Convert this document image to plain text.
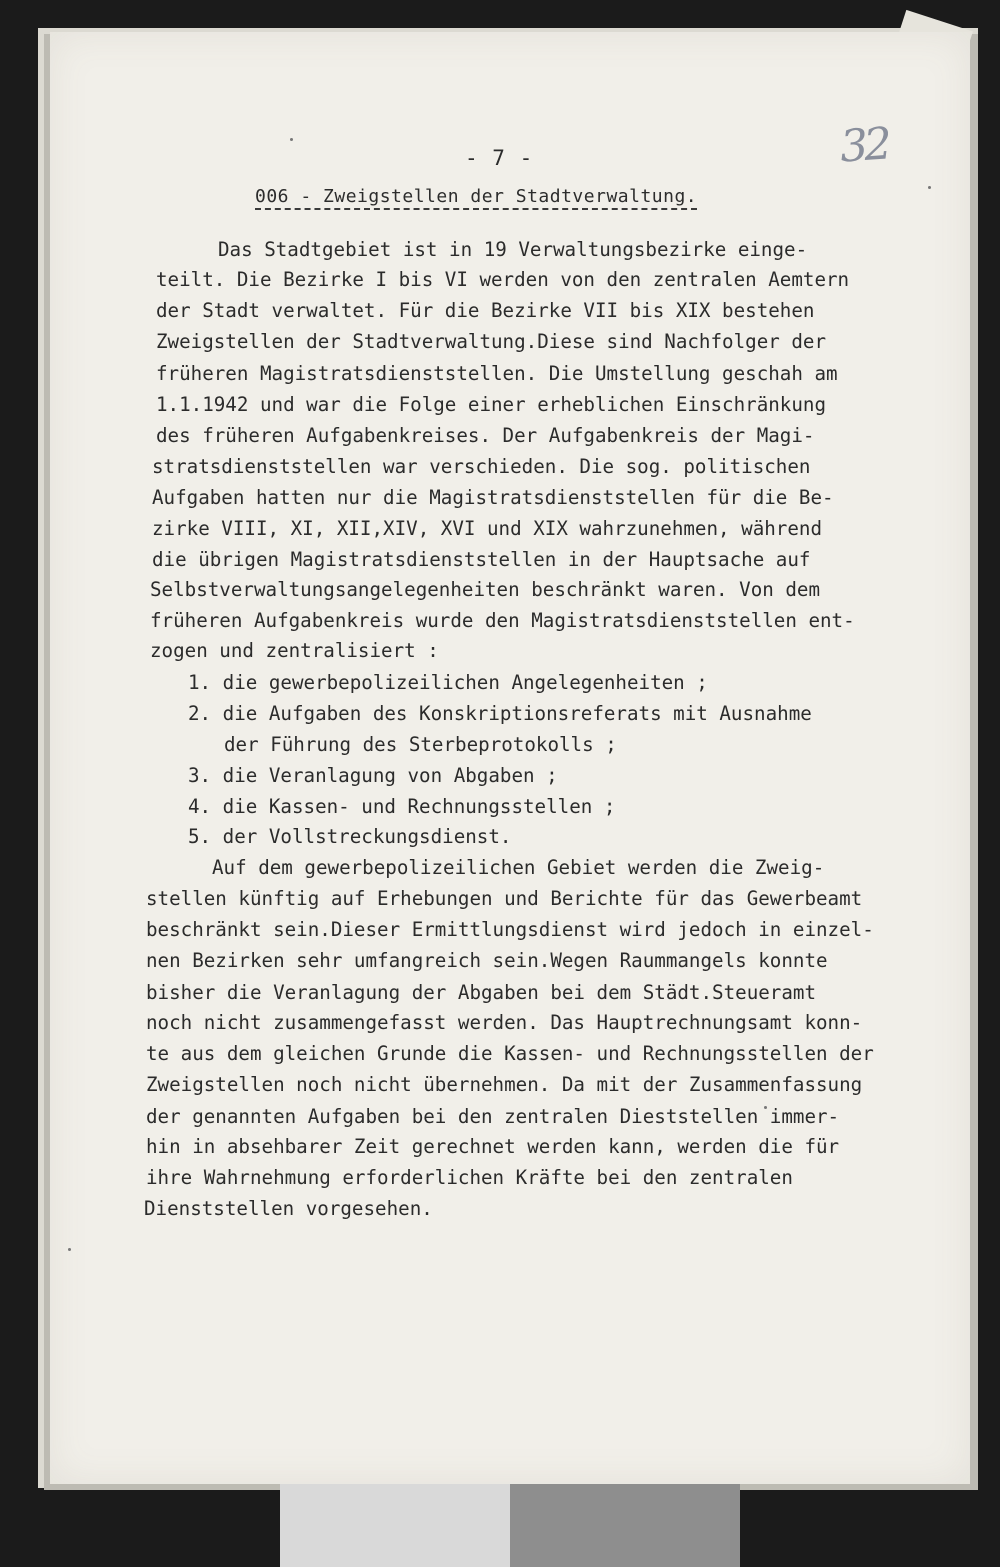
32
- 7 -
006 - Zweigstellen der Stadtverwaltung.
Das Stadtgebiet ist in 19 Verwaltungsbezirke einge-
teilt. Die Bezirke I bis VI werden von den zentralen Aemtern
der Stadt verwaltet. Für die Bezirke VII bis XIX bestehen
Zweigstellen der Stadtverwaltung.Diese sind Nachfolger der
früheren Magistratsdienststellen. Die Umstellung geschah am
1.1.1942 und war die Folge einer erheblichen Einschränkung
des früheren Aufgabenkreises. Der Aufgabenkreis der Magi-
stratsdienststellen war verschieden. Die sog. politischen
Aufgaben hatten nur die Magistratsdienststellen für die Be-
zirke VIII, XI, XII,XIV, XVI und XIX wahrzunehmen, während
die übrigen Magistratsdienststellen in der Hauptsache auf
Selbstverwaltungsangelegenheiten beschränkt waren. Von dem
früheren Aufgabenkreis wurde den Magistratsdienststellen ent-
zogen und zentralisiert :
1. die gewerbepolizeilichen Angelegenheiten ;
2. die Aufgaben des Konskriptionsreferats mit Ausnahme
der Führung des Sterbeprotokolls ;
3. die Veranlagung von Abgaben ;
4. die Kassen- und Rechnungsstellen ;
5. der Vollstreckungsdienst.
Auf dem gewerbepolizeilichen Gebiet werden die Zweig-
stellen künftig auf Erhebungen und Berichte für das Gewerbeamt
beschränkt sein.Dieser Ermittlungsdienst wird jedoch in einzel-
nen Bezirken sehr umfangreich sein.Wegen Raummangels konnte
bisher die Veranlagung der Abgaben bei dem Städt.Steueramt
noch nicht zusammengefasst werden. Das Hauptrechnungsamt konn-
te aus dem gleichen Grunde die Kassen- und Rechnungsstellen der
Zweigstellen noch nicht übernehmen. Da mit der Zusammenfassung
der genannten Aufgaben bei den zentralen Dieststellen immer-
hin in absehbarer Zeit gerechnet werden kann, werden die für
ihre Wahrnehmung erforderlichen Kräfte bei den zentralen
Dienststellen vorgesehen.
